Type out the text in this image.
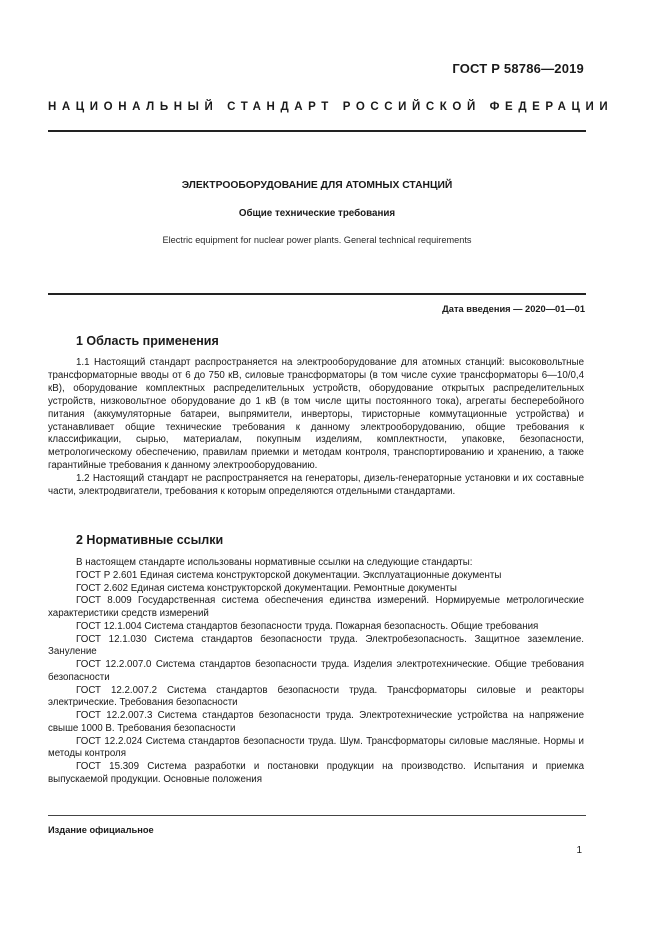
ГОСТ Р 58786—2019
НАЦИОНАЛЬНЫЙ СТАНДАРТ РОССИЙСКОЙ ФЕДЕРАЦИИ
ЭЛЕКТРООБОРУДОВАНИЕ ДЛЯ АТОМНЫХ СТАНЦИЙ
Общие технические требования
Electric equipment for nuclear power plants. General technical requirements
Дата введения — 2020—01—01
1 Область применения

1.1 Настоящий стандарт распространяется на электрооборудование для атомных станций: высоковольтные трансформаторные вводы от 6 до 750 кВ, силовые трансформаторы (в том числе сухие трансформаторы 6—10/0,4 кВ), оборудование комплектных распределительных устройств, оборудование открытых распределительных устройств, низковольтное оборудование до 1 кВ (в том числе щиты постоянного тока), агрегаты бесперебойного питания (аккумуляторные батареи, выпрямители, инверторы, тиристорные коммутационные устройства) и устанавливает общие технические требования к данному электрооборудованию, общие требования к классификации, сырью, материалам, покупным изделиям, комплектности, упаковке, безопасности, метрологическому обеспечению, правилам приемки и методам контроля, транспортированию и хранению, а также гарантийные требования к данному электрооборудованию.

1.2 Настоящий стандарт не распространяется на генераторы, дизель-генераторные установки и их составные части, электродвигатели, требования к которым определяются отдельными стандартами.

2 Нормативные ссылки

В настоящем стандарте использованы нормативные ссылки на следующие стандарты:

ГОСТ Р 2.601 Единая система конструкторской документации. Эксплуатационные документы

ГОСТ 2.602 Единая система конструкторской документации. Ремонтные документы

ГОСТ 8.009 Государственная система обеспечения единства измерений. Нормируемые метрологические характеристики средств измерений

ГОСТ 12.1.004 Система стандартов безопасности труда. Пожарная безопасность. Общие требования

ГОСТ 12.1.030 Система стандартов безопасности труда. Электробезопасность. Защитное заземление. Зануление

ГОСТ 12.2.007.0 Система стандартов безопасности труда. Изделия электротехнические. Общие требования безопасности

ГОСТ 12.2.007.2 Система стандартов безопасности труда. Трансформаторы силовые и реакторы электрические. Требования безопасности

ГОСТ 12.2.007.3 Система стандартов безопасности труда. Электротехнические устройства на напряжение свыше 1000 В. Требования безопасности

ГОСТ 12.2.024 Система стандартов безопасности труда. Шум. Трансформаторы силовые масляные. Нормы и методы контроля

ГОСТ 15.309 Система разработки и постановки продукции на производство. Испытания и приемка выпускаемой продукции. Основные положения

Издание официальное
1
